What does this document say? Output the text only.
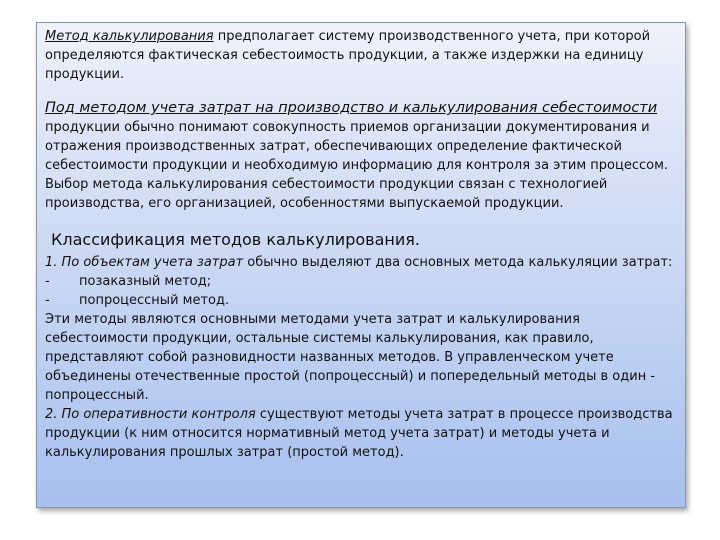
Метод калькулирования предполагает систему производственного учета, при которой определяются фактическая себестоимость продукции, а также издержки на единицу продукции.

Под методом учета затрат на производство и калькулирования себестоимости продукции обычно понимают совокупность приемов организации документирования и отражения производственных затрат, обеспечивающих определение фактической себестоимости продукции и необходимую информацию для контроля за этим процессом.

Выбор метода калькулирования себестоимости продукции связан с технологией производства, его организацией, особенностями выпускаемой продукции.

Классификация методов калькулирования.

1. По объектам учета затрат обычно выделяют два основных метода калькуляции затрат:

-	позаказный метод;
-	попроцессный метод.

Эти методы являются основными методами учета затрат и калькулирования себестоимости продукции, остальные системы калькулирования, как правило, представляют собой разновидности названных методов. В управленческом учете объединены отечественные простой (попроцессный) и попередельный методы в один - попроцессный.

2. По оперативности контроля существуют методы учета затрат в процессе производства продукции (к ним относится нормативный метод учета затрат) и методы учета и калькулирования прошлых затрат (простой метод).
